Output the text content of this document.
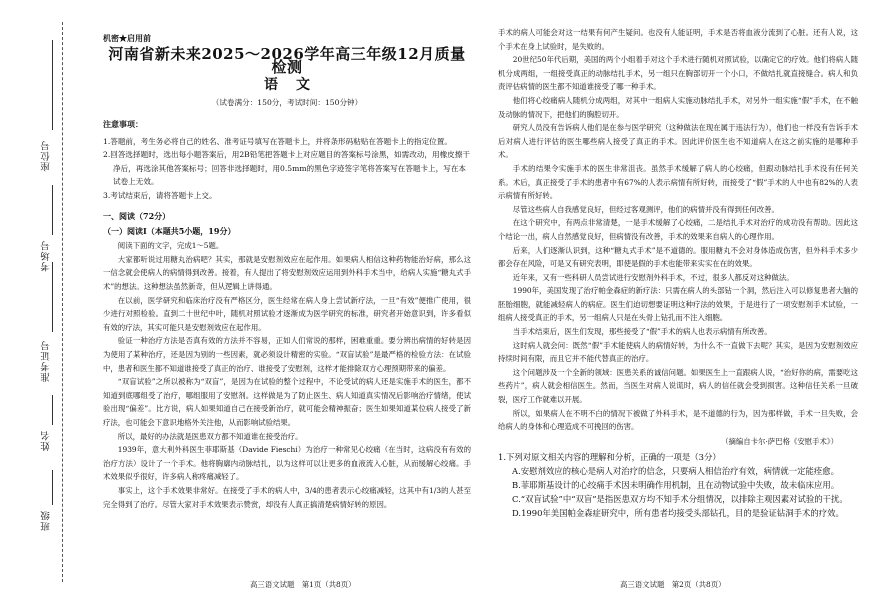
座位号
考场号
准考证号
姓名
班级

机密★启用前

河南省新未来2025～2026学年高三年级12月质量检测
语文
（试卷满分：150分，考试时间：150分钟）
注意事项：

1.答题前，考生务必将自己的姓名、准考证号填写在答题卡上，并将条形码粘贴在答题卡上的指定位置。

2.回答选择题时，选出每小题答案后，用2B铅笔把答题卡上对应题目的答案标号涂黑，如需改动，用橡皮擦干净后，再选涂其他答案标号；回答非选择题时，用0.5mm的黑色字迹签字笔将答案写在答题卡上，写在本试卷上无效。

3.考试结束后，请将答题卡上交。

一、阅读（72分）
（一）阅读Ⅰ（本题共5小题，19分）

阅读下面的文字，完成1～5题。

大家都听说过用糖丸治病吧？其实，那就是安慰剂效应在起作用。如果病人相信这种药物能治好病，那么这一信念就会使病人的病情得到改善。接着，有人提出了将安慰剂效应运用到外科手术当中，给病人实施“糖丸式手术”的想法。这种想法虽然新奇，但从逻辑上讲得通。

在以前，医学研究和临床治疗没有严格区分，医生经常在病人身上尝试新疗法，一旦“有效”便推广使用，很少进行对照检验。直到二十世纪中叶，随机对照试验才逐渐成为医学研究的标准，研究者开始意识到，许多看似有效的疗法，其实可能只是安慰剂效应在起作用。

验证一种治疗方法是否真有效的方法并不容易，正如人们常说的那样，困难重重。要分辨出病情的好转是因为使用了某种治疗，还是因为别的一些因素，就必须设计精密的实验。“双盲试验”是最严格的检验方法：在试验中，患者和医生都不知道谁接受了真正的治疗、谁接受了安慰剂，这样才能排除双方心理预期带来的偏差。

“双盲试验”之所以被称为“双盲”，是因为在试验的整个过程中，不论受试的病人还是实施手术的医生，都不知道到底哪组受了治疗，哪组服用了安慰剂。这样做是为了防止医生、病人知道真实情况后影响治疗情绪，使试验出现“偏差”。比方说，病人如果知道自己在接受新治疗，就可能会精神振奋；医生如果知道某位病人接受了新疗法，也可能会下意识地格外关注他，从而影响试验结果。

所以，最好的办法就是医患双方都不知道谁在接受治疗。

1939年，意大利外科医生菲耶斯基（Davide Fieschi）为治疗一种常见心绞痛（在当时，这病没有有效的治疗方法）设计了一个手术。他将胸廓内动脉结扎，以为这样可以让更多的血液流入心脏，从而缓解心绞痛。手术效果似乎很好，许多病人称疼痛减轻了。

事实上，这个手术效果非常好。在接受了手术的病人中，3/4的患者表示心绞痛减轻，这其中有1/3的人甚至完全得到了治疗。尽管大家对手术效果表示赞赏，却没有人真正搞清楚病情好转的原因。

手术的病人可能会对这一结果有何产生疑问。也没有人能证明，手术是否将血液分流到了心脏。还有人说，这个手术在身上试验时，是失败的。

20世纪50年代后期，美国的两个小组着手对这个手术进行随机对照试验，以确定它的疗效。他们将病人随机分成两组，一组接受真正的动脉结扎手术，另一组只在胸部切开一个小口，不做结扎就直接缝合。病人和负责评估病情的医生都不知道谁接受了哪一种手术。

他们将心绞痛病人随机分成两组，对其中一组病人实施动脉结扎手术，对另外一组实施“假”手术，在不触及动脉的情况下，把他们的胸腔切开。

研究人员没有告诉病人他们是在参与医学研究（这种做法在现在属于违法行为），他们也一样没有告诉手术后对病人进行评估的医生哪些病人接受了真正的手术。因此评价医生也不知道病人在这之前实施的是哪种手术。

手术的结果令实施手术的医生非常沮丧。虽然手术缓解了病人的心绞痛，但跟动脉结扎手术没有任何关系。术后，真正接受了手术的患者中有67%的人表示病情有所好转，而接受了“假”手术的人中也有82%的人表示病情有所好转。

尽管这些病人自我感觉良好，但经过客观测评，他们的病情并没有得到任何改善。

在这个研究中，有两点非常清楚，一是手术缓解了心绞痛，二是结扎手术对治疗的成功没有帮助。因此这个结论一出，病人自然感觉良好，但病情没有改善，手术的效果来自病人的心理作用。

后来，人们逐渐认识到，这种“糖丸式手术”是不道德的。服用糖丸不会对身体造成伤害，但外科手术多少都会存在风险，可是又有研究表明，即使是假的手术也能带来实实在在的效果。

近年来，又有一些科研人员尝试进行安慰剂外科手术，不过，很多人都反对这种做法。

1990年，美国发现了治疗帕金森症的新疗法：只需在病人的头部钻一个洞，然后注入可以修复患者大脑的胚胎细胞，就能减轻病人的病症。医生们迫切想要证明这种疗法的效果，于是进行了一项安慰剂手术试验，一组病人接受真正的手术，另一组病人只是在头骨上钻孔而不注入细胞。

当手术结束后，医生们发现，那些接受了“假”手术的病人也表示病情有所改善。

这时病人就会问：既然“假”手术能使病人的病情好转，为什么不一直做下去呢？其实，是因为安慰剂效应持续时间有限，而且它并不能代替真正的治疗。

这个问题涉及一个全新的领域：医患关系的诚信问题。如果医生上一直跟病人说，“治好你的病，需要吃这些药片”，病人就会相信医生。然而，当医生对病人说谎时，病人的信任就会受到损害。这种信任关系一旦破裂，医疗工作就难以开展。

所以，如果病人在不明不白的情况下被做了外科手术，是不道德的行为，因为那样做，手术一旦失败，会给病人的身体和心理造成不可挽回的伤害。

（摘编自卡尔·萨巴格《安慰手术》）

1.下列对原文相关内容的理解和分析，正确的一项是（3分）

A.安慰剂效应的核心是病人对治疗的信念，只要病人相信治疗有效，病情就一定能痊愈。

B.菲耶斯基设计的心绞痛手术因未明确作用机制，且在动物试验中失败，故未临床应用。

C.“双盲试验”中“双盲”是指医患双方均不知手术分组情况，以排除主观因素对试验的干扰。

D.1990年美国帕金森症研究中，所有患者均接受头部钻孔，目的是验证钻洞手术的疗效。

高三语文试题　第1页（共8页）	高三语文试题　第2页（共8页）
